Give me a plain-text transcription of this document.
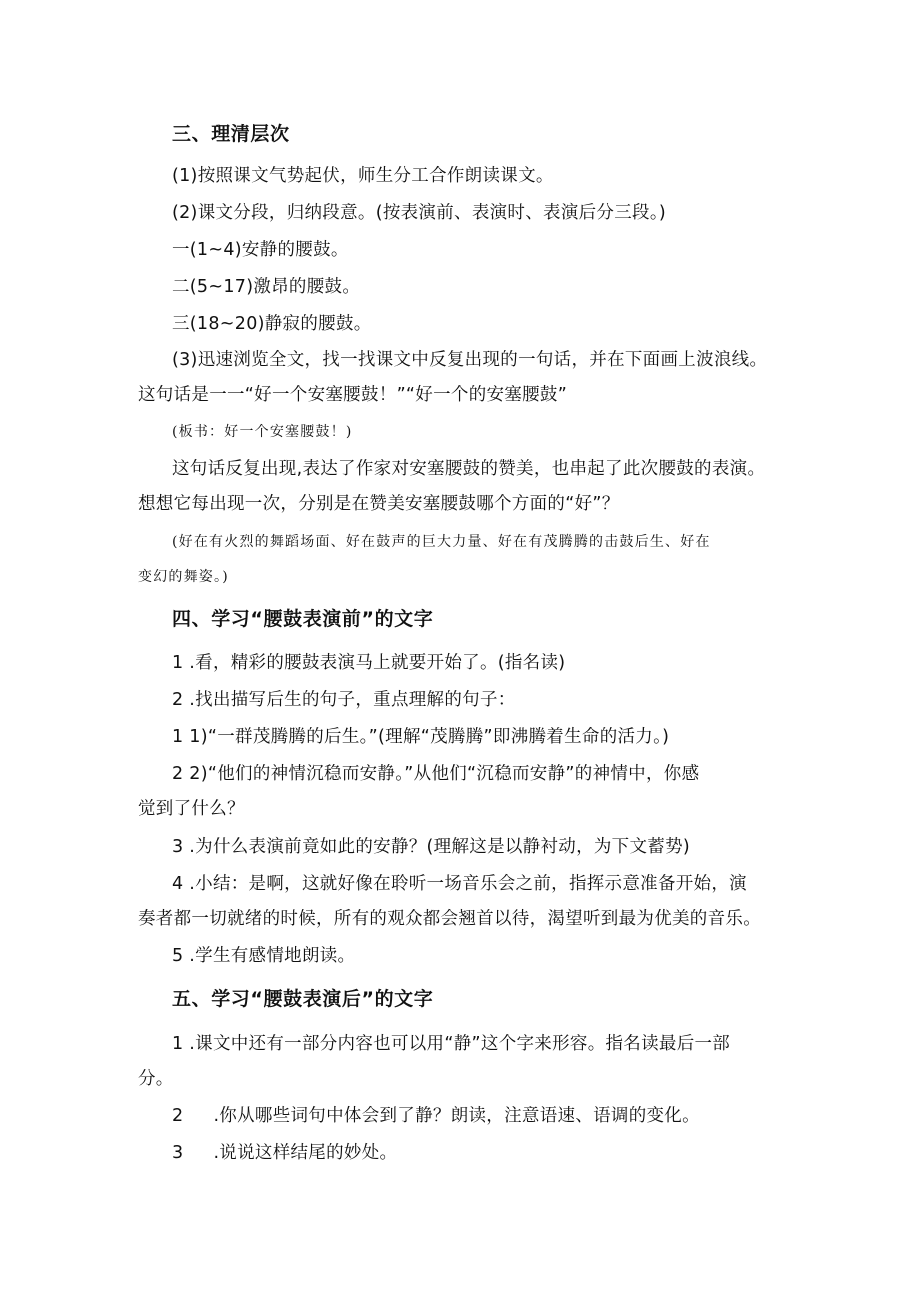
三、理清层次
(1)按照课文气势起伏，师生分工合作朗读课文。
(2)课文分段，归纳段意。(按表演前、表演时、表演后分三段。)
一(1~4)安静的腰鼓。
二(5~17)激昂的腰鼓。
三(18~20)静寂的腰鼓。
(3)迅速浏览全文，找一找课文中反复出现的一句话，并在下面画上波浪线。
这句话是一一“好一个安塞腰鼓！”“好一个的安塞腰鼓”
(板书：好一个安塞腰鼓！)
这句话反复出现,表达了作家对安塞腰鼓的赞美，也串起了此次腰鼓的表演。
想想它每出现一次，分别是在赞美安塞腰鼓哪个方面的“好”？
(好在有火烈的舞蹈场面、好在鼓声的巨大力量、好在有茂腾腾的击鼓后生、好在
变幻的舞姿。)
四、学习“腰鼓表演前”的文字
1 .看，精彩的腰鼓表演马上就要开始了。(指名读)
2 .找出描写后生的句子，重点理解的句子：
1 1)“一群茂腾腾的后生。”(理解“茂腾腾”即沸腾着生命的活力。)
2 2)“他们的神情沉稳而安静。”从他们“沉稳而安静”的神情中，你感
觉到了什么？
3 .为什么表演前竟如此的安静？(理解这是以静衬动，为下文蓄势)
4 .小结：是啊，这就好像在聆听一场音乐会之前，指挥示意准备开始，演
奏者都一切就绪的时候，所有的观众都会翘首以待，渴望听到最为优美的音乐。
5 .学生有感情地朗读。
五、学习“腰鼓表演后”的文字
1 .课文中还有一部分内容也可以用“静”这个字来形容。指名读最后一部
分。
2 .你从哪些词句中体会到了静？朗读，注意语速、语调的变化。
3 .说说这样结尾的妙处。
